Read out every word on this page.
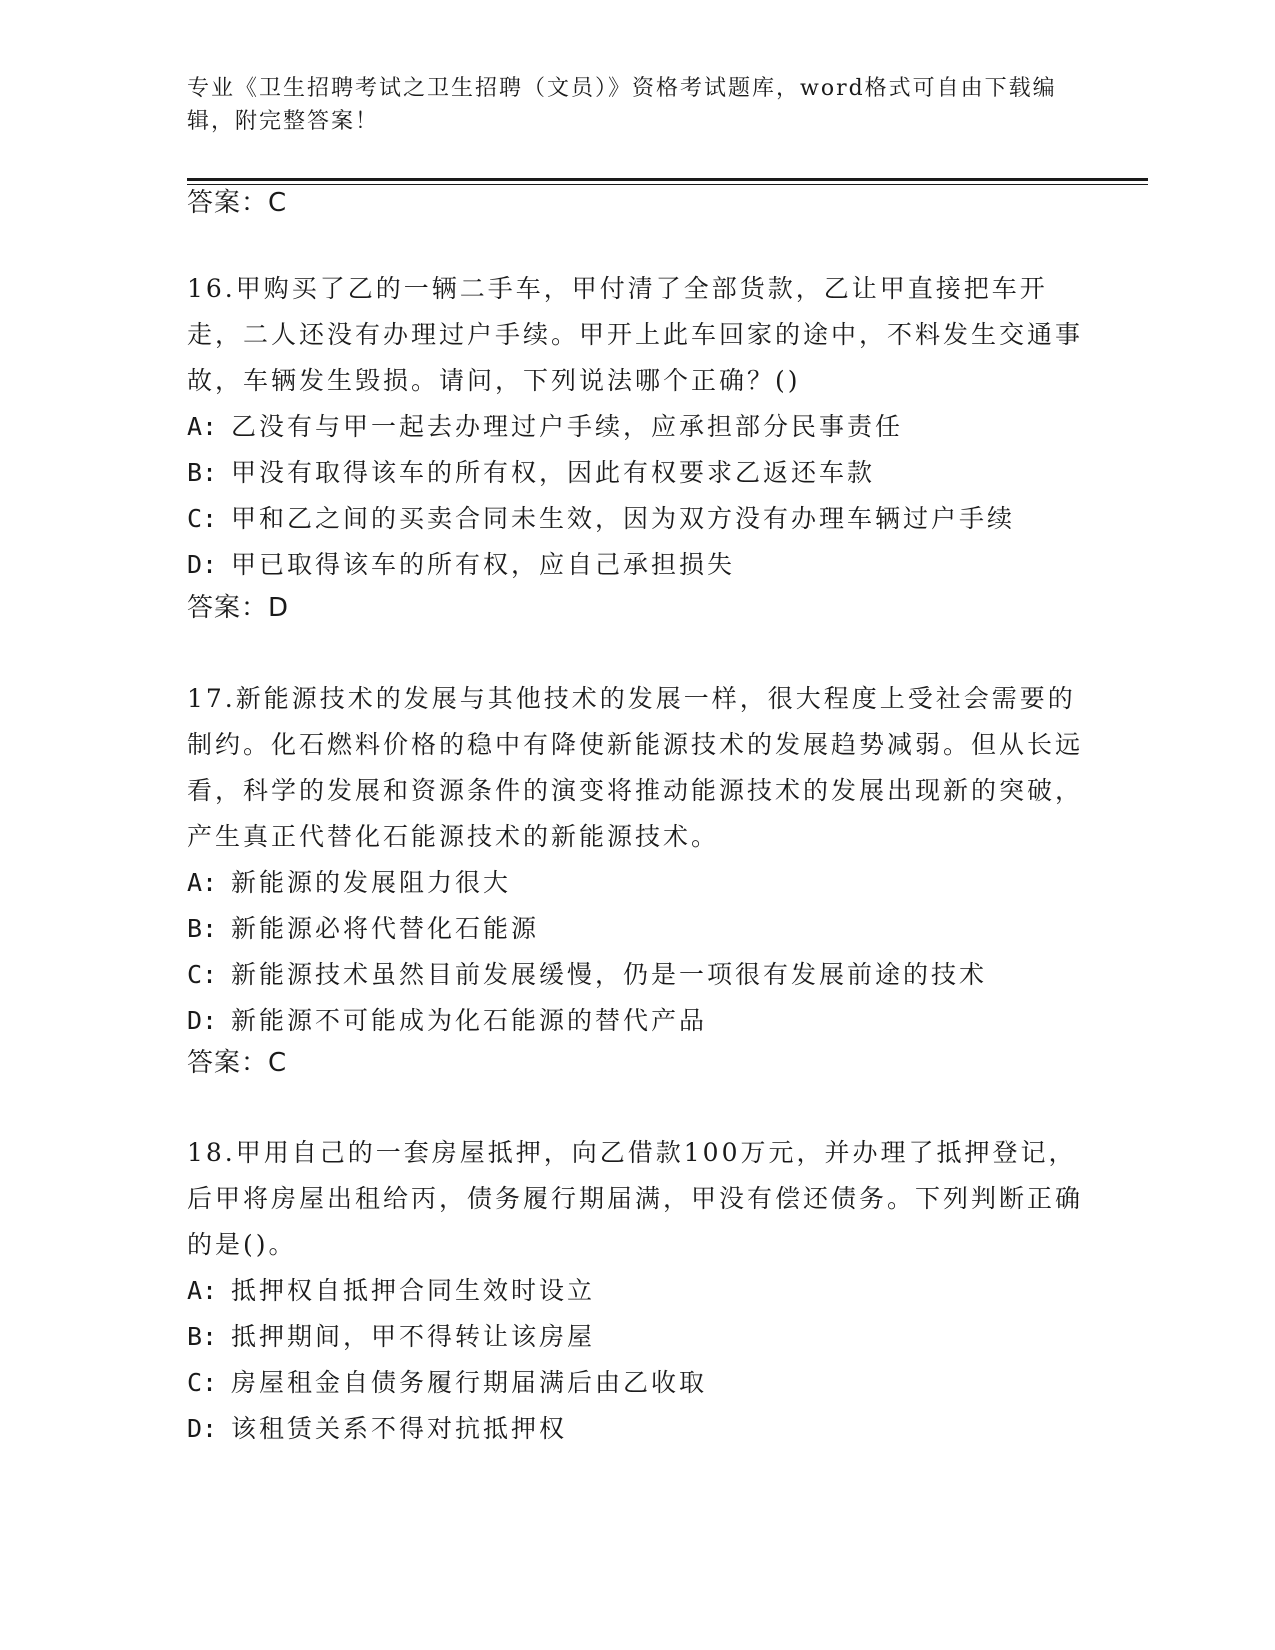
专业《卫生招聘考试之卫生招聘（文员）》资格考试题库，word格式可自由下载编辑，附完整答案！
答案：C

16.甲购买了乙的一辆二手车，甲付清了全部货款，乙让甲直接把车开走，二人还没有办理过户手续。甲开上此车回家的途中，不料发生交通事故，车辆发生毁损。请问，下列说法哪个正确？()

A: 乙没有与甲一起去办理过户手续，应承担部分民事责任

B: 甲没有取得该车的所有权，因此有权要求乙返还车款

C: 甲和乙之间的买卖合同未生效，因为双方没有办理车辆过户手续

D: 甲已取得该车的所有权，应自己承担损失

答案：D

17.新能源技术的发展与其他技术的发展一样，很大程度上受社会需要的制约。化石燃料价格的稳中有降使新能源技术的发展趋势减弱。但从长远看，科学的发展和资源条件的演变将推动能源技术的发展出现新的突破，产生真正代替化石能源技术的新能源技术。

A: 新能源的发展阻力很大

B: 新能源必将代替化石能源

C: 新能源技术虽然目前发展缓慢，仍是一项很有发展前途的技术

D: 新能源不可能成为化石能源的替代产品

答案：C

18.甲用自己的一套房屋抵押，向乙借款100万元，并办理了抵押登记，后甲将房屋出租给丙，债务履行期届满，甲没有偿还债务。下列判断正确的是()。

A: 抵押权自抵押合同生效时设立

B: 抵押期间，甲不得转让该房屋

C: 房屋租金自债务履行期届满后由乙收取

D: 该租赁关系不得对抗抵押权
